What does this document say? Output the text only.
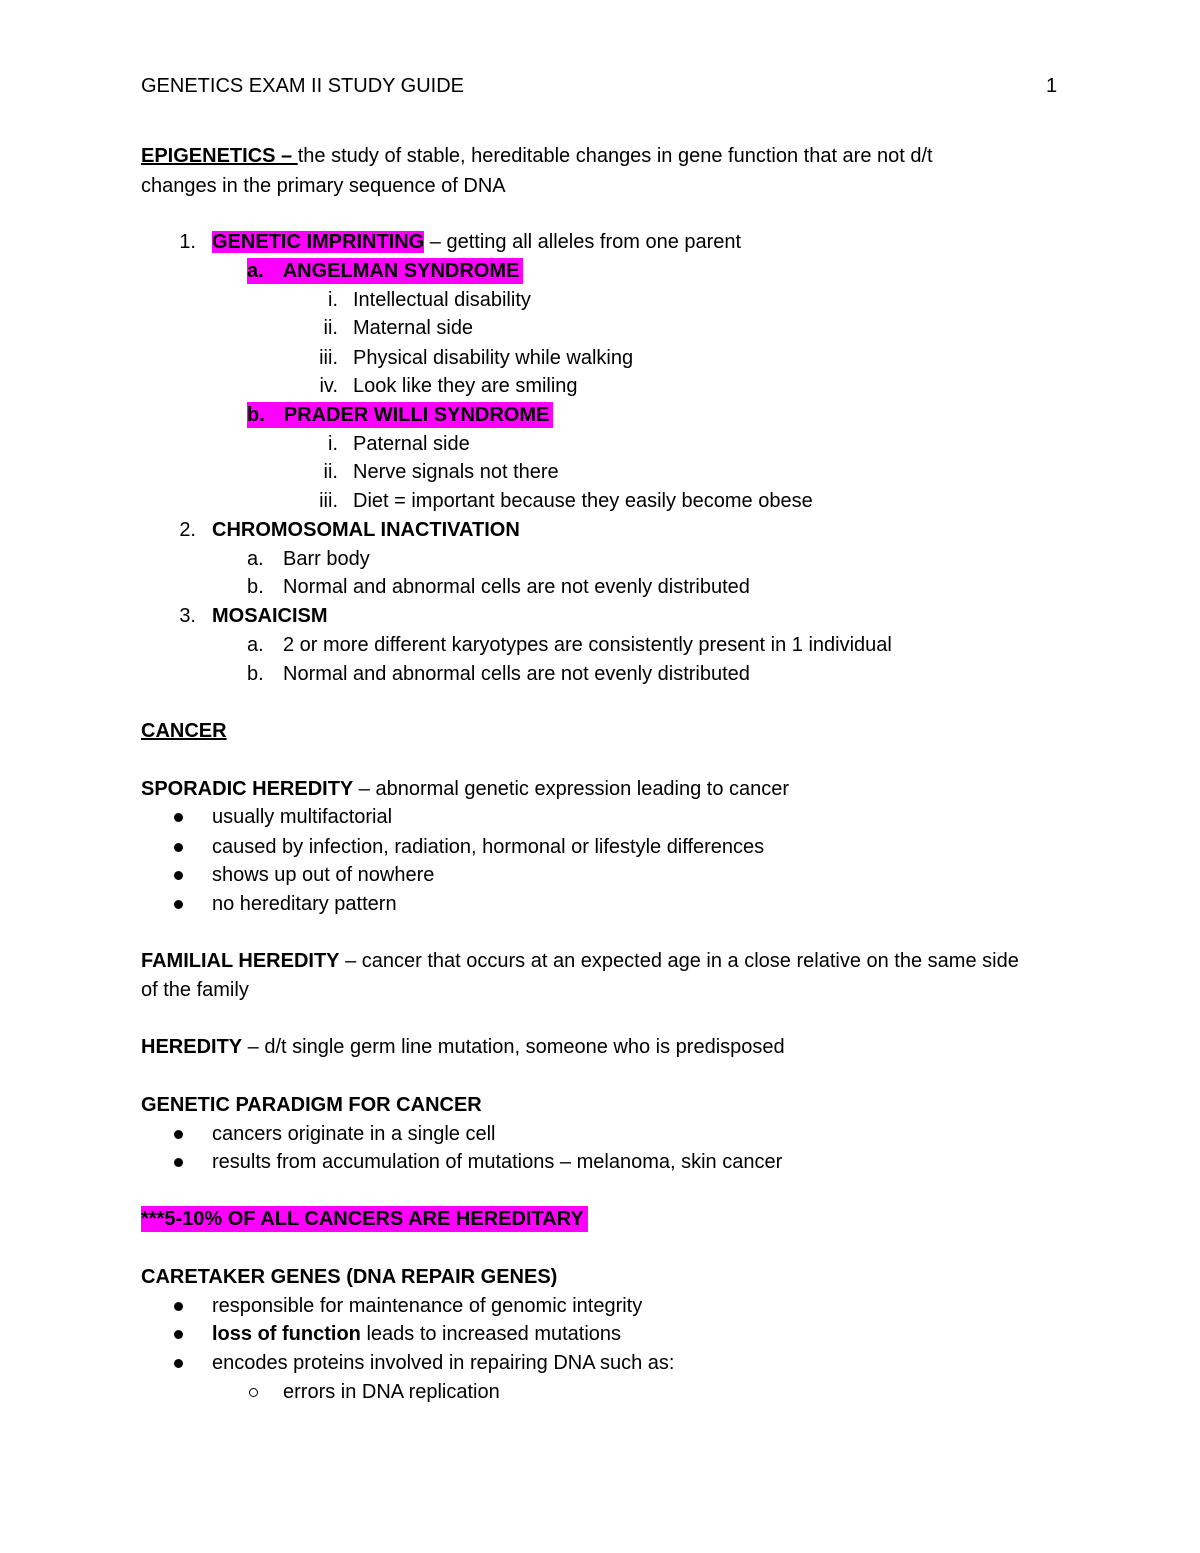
GENETICS EXAM II STUDY GUIDE	1
EPIGENETICS – the study of stable, hereditable changes in gene function that are not d/t
changes in the primary sequence of DNA
1. GENETIC IMPRINTING – getting all alleles from one parent
a. ANGELMAN SYNDROME
i. Intellectual disability
ii. Maternal side
iii. Physical disability while walking
iv. Look like they are smiling
b. PRADER WILLI SYNDROME
i. Paternal side
ii. Nerve signals not there
iii. Diet = important because they easily become obese
2. CHROMOSOMAL INACTIVATION
a. Barr body
b. Normal and abnormal cells are not evenly distributed
3. MOSAICISM
a. 2 or more different karyotypes are consistently present in 1 individual
b. Normal and abnormal cells are not evenly distributed
CANCER
SPORADIC HEREDITY – abnormal genetic expression leading to cancer
usually multifactorial
caused by infection, radiation, hormonal or lifestyle differences
shows up out of nowhere
no hereditary pattern
FAMILIAL HEREDITY – cancer that occurs at an expected age in a close relative on the same side
of the family
HEREDITY – d/t single germ line mutation, someone who is predisposed
GENETIC PARADIGM FOR CANCER
cancers originate in a single cell
results from accumulation of mutations – melanoma, skin cancer
***5-10% OF ALL CANCERS ARE HEREDITARY
CARETAKER GENES (DNA REPAIR GENES)
responsible for maintenance of genomic integrity
loss of function leads to increased mutations
encodes proteins involved in repairing DNA such as:
errors in DNA replication
